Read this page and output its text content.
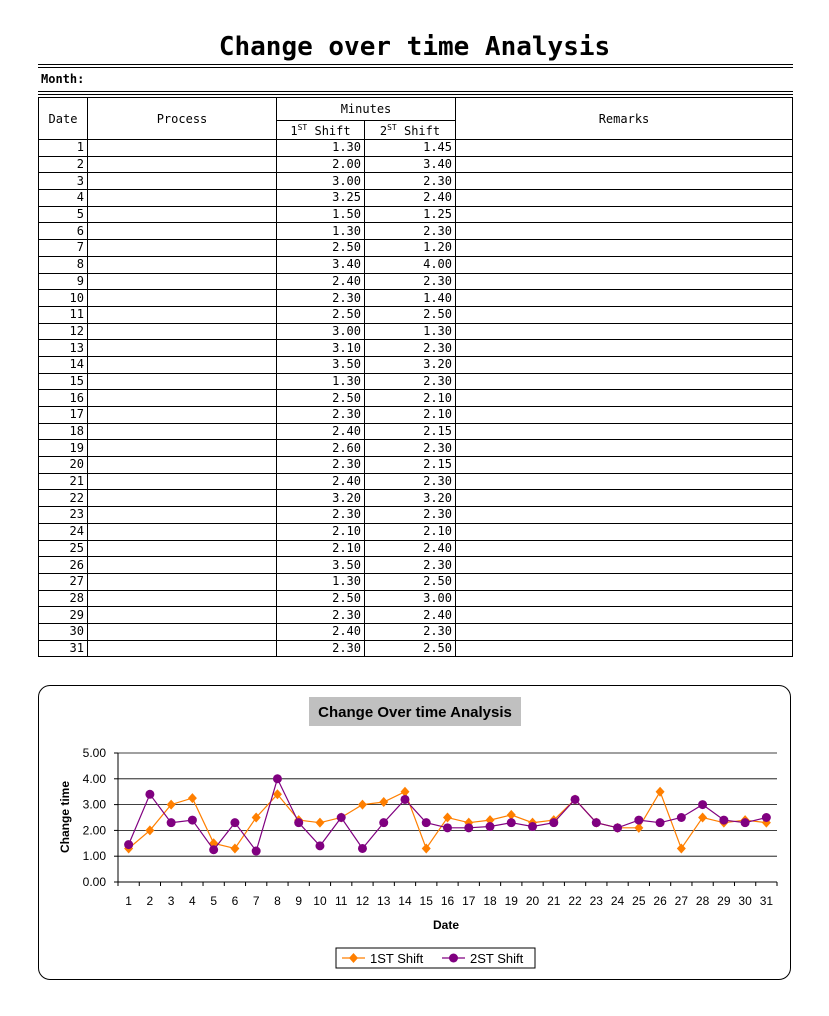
Change over time Analysis
Month:
Date	Process	Minutes		Remarks
		1ST Shift	2ST Shift	
1		1.30	1.45	
2		2.00	3.40	
3		3.00	2.30	
4		3.25	2.40	
5		1.50	1.25	
6		1.30	2.30	
7		2.50	1.20	
8		3.40	4.00	
9		2.40	2.30	
10		2.30	1.40	
11		2.50	2.50	
12		3.00	1.30	
13		3.10	2.30	
14		3.50	3.20	
15		1.30	2.30	
16		2.50	2.10	
17		2.30	2.10	
18		2.40	2.15	
19		2.60	2.30	
20		2.30	2.15	
21		2.40	2.30	
22		3.20	3.20	
23		2.30	2.30	
24		2.10	2.10	
25		2.10	2.40	
26		3.50	2.30	
27		1.30	2.50	
28		2.50	3.00	
29		2.30	2.40	
30		2.40	2.30	
31		2.30	2.50	
Change Over time Analysis
0.00
1.00
2.00
3.00
4.00
5.00
1 2 3 4 5 6 7 8 9 10 11 12 13 14 15 16 17 18 19 20 21 22 23 24 25 26 27 28 29 30 31
Date
Change time
1ST Shift	2ST Shift
